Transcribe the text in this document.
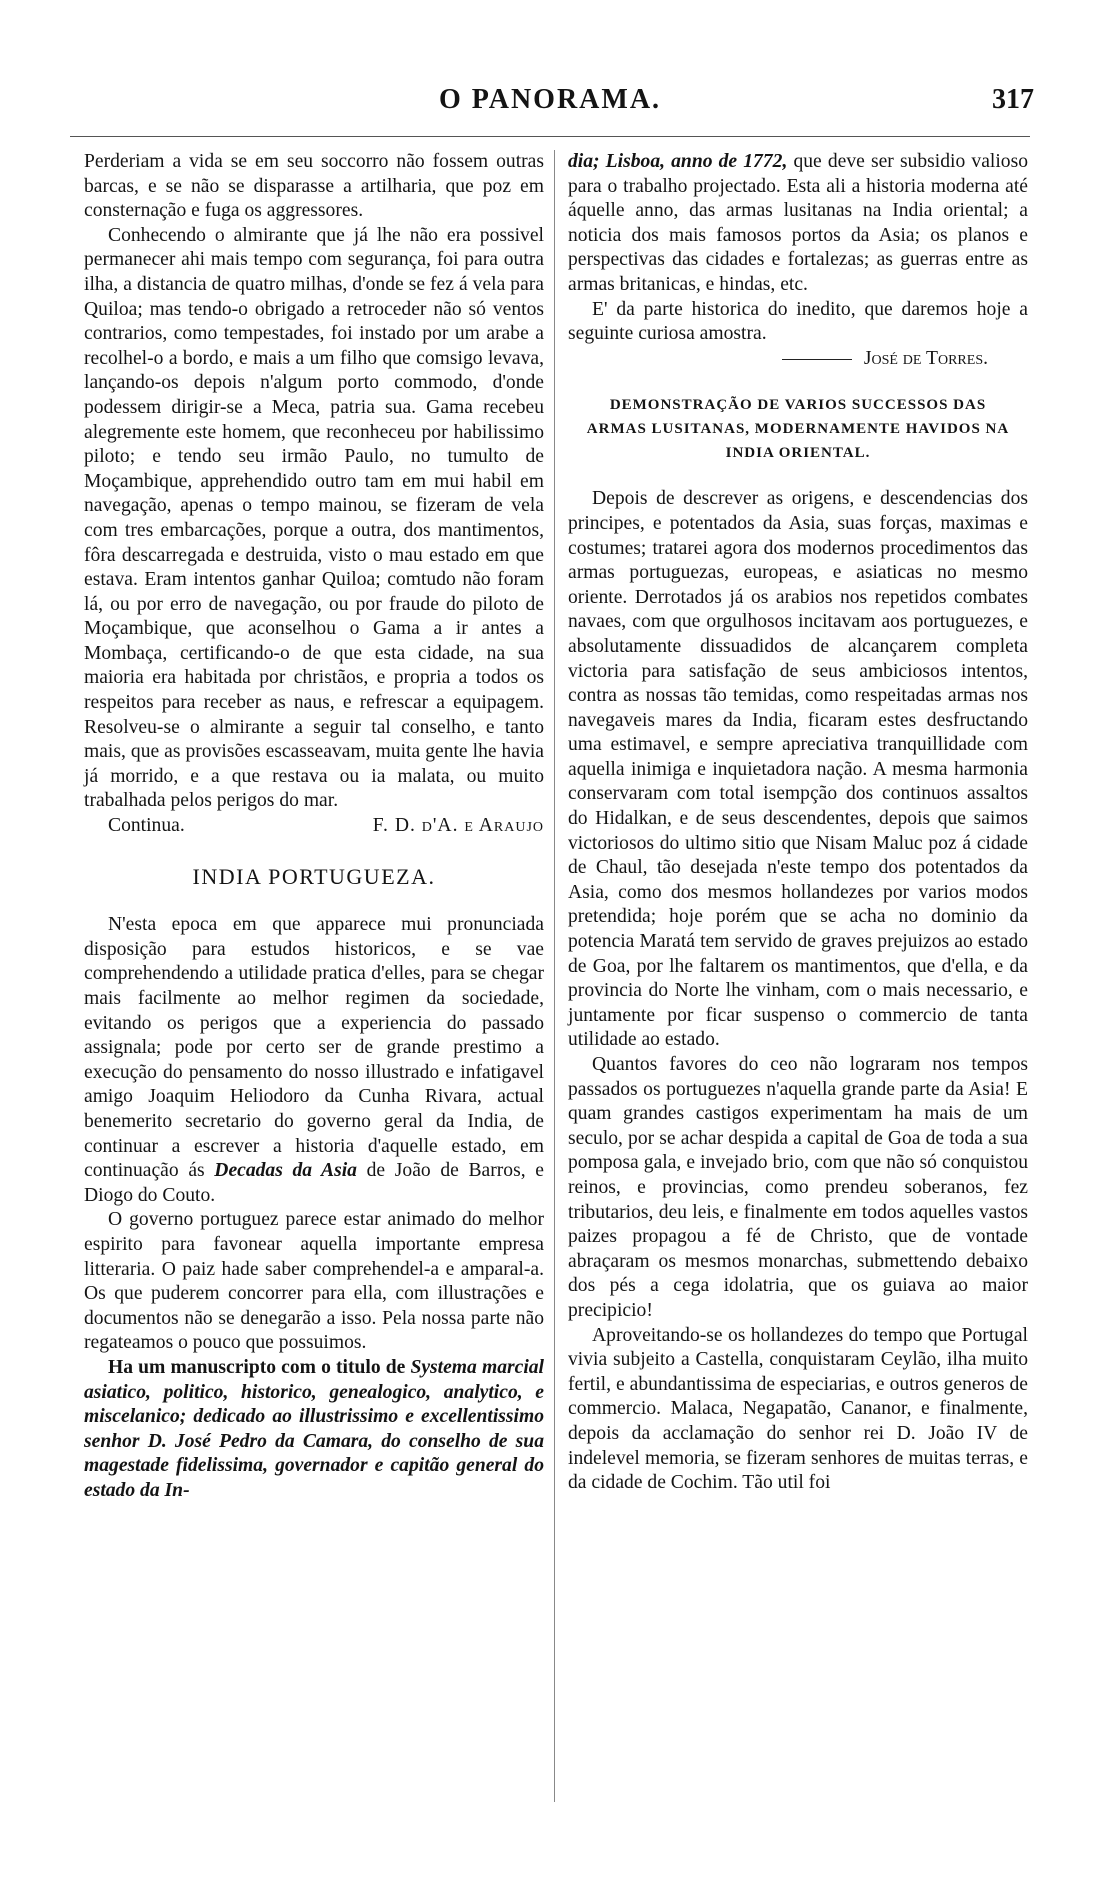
O PANORAMA.	317

Perderiam a vida se em seu soccorro não fossem outras barcas, e se não se disparasse a artilharia, que poz em consternação e fuga os aggressores.

Conhecendo o almirante que já lhe não era possivel permanecer ahi mais tempo com segurança, foi para outra ilha, a distancia de quatro milhas, d'onde se fez á vela para Quiloa; mas tendo-o obrigado a retroceder não só ventos contrarios, como tempestades, foi instado por um arabe a recolhel-o a bordo, e mais a um filho que comsigo levava, lançando-os depois n'algum porto commodo, d'onde podessem dirigir-se a Meca, patria sua. Gama recebeu alegremente este homem, que reconheceu por habilissimo piloto; e tendo seu irmão Paulo, no tumulto de Moçambique, apprehendido outro tam em mui habil em navegação, apenas o tempo mainou, se fizeram de vela com tres embarcações, porque a outra, dos mantimentos, fôra descarregada e destruida, visto o mau estado em que estava. Eram intentos ganhar Quiloa; comtudo não foram lá, ou por erro de navegação, ou por fraude do piloto de Moçambique, que aconselhou o Gama a ir antes a Mombaça, certificando-o de que esta cidade, na sua maioria era habitada por christãos, e propria a todos os respeitos para receber as naus, e refrescar a equipagem. Resolveu-se o almirante a seguir tal conselho, e tanto mais, que as provisões escasseavam, muita gente lhe havia já morrido, e a que restava ou ia malata, ou muito trabalhada pelos perigos do mar.

Continua.	F. D. d'A. e Araujo
INDIA PORTUGUEZA.

N'esta epoca em que apparece mui pronunciada disposição para estudos historicos, e se vae comprehendendo a utilidade pratica d'elles, para se chegar mais facilmente ao melhor regimen da sociedade, evitando os perigos que a experiencia do passado assignala; pode por certo ser de grande prestimo a execução do pensamento do nosso illustrado e infatigavel amigo Joaquim Heliodoro da Cunha Rivara, actual benemerito secretario do governo geral da India, de continuar a escrever a historia d'aquelle estado, em continuação ás Decadas da Asia de João de Barros, e Diogo do Couto.

O governo portuguez parece estar animado do melhor espirito para favonear aquella importante empresa litteraria. O paiz hade saber comprehendel-a e amparal-a. Os que puderem concorrer para ella, com illustrações e documentos não se denegarão a isso. Pela nossa parte não regateamos o pouco que possuimos.

Ha um manuscripto com o titulo de Systema marcial asiatico, politico, historico, genealogico, analytico, e miscelanico; dedicado ao illustrissimo e excellentissimo senhor D. José Pedro da Camara, do conselho de sua magestade fidelissima, governador e capitão general do estado da In-

dia; Lisboa, anno de 1772, que deve ser subsidio valioso para o trabalho projectado. Esta ali a historia moderna até áquelle anno, das armas lusitanas na India oriental; a noticia dos mais famosos portos da Asia; os planos e perspectivas das cidades e fortalezas; as guerras entre as armas britanicas, e hindas, etc.

E' da parte historica do inedito, que daremos hoje a seguinte curiosa amostra.

José de Torres.
DEMONSTRAÇÃO DE VARIOS SUCCESSOS DAS ARMAS LUSITANAS, MODERNAMENTE HAVIDOS NA INDIA ORIENTAL.

Depois de descrever as origens, e descendencias dos principes, e potentados da Asia, suas forças, maximas e costumes; tratarei agora dos modernos procedimentos das armas portuguezas, europeas, e asiaticas no mesmo oriente. Derrotados já os arabios nos repetidos combates navaes, com que orgulhosos incitavam aos portuguezes, e absolutamente dissuadidos de alcançarem completa victoria para satisfação de seus ambiciosos intentos, contra as nossas tão temidas, como respeitadas armas nos navegaveis mares da India, ficaram estes desfructando uma estimavel, e sempre apreciativa tranquillidade com aquella inimiga e inquietadora nação. A mesma harmonia conservaram com total isempção dos continuos assaltos do Hidalkan, e de seus descendentes, depois que saimos victoriosos do ultimo sitio que Nisam Maluc poz á cidade de Chaul, tão desejada n'este tempo dos potentados da Asia, como dos mesmos hollandezes por varios modos pretendida; hoje porém que se acha no dominio da potencia Maratá tem servido de graves prejuizos ao estado de Goa, por lhe faltarem os mantimentos, que d'ella, e da provincia do Norte lhe vinham, com o mais necessario, e juntamente por ficar suspenso o commercio de tanta utilidade ao estado.

Quantos favores do ceo não lograram nos tempos passados os portuguezes n'aquella grande parte da Asia! E quam grandes castigos experimentam ha mais de um seculo, por se achar despida a capital de Goa de toda a sua pomposa gala, e invejado brio, com que não só conquistou reinos, e provincias, como prendeu soberanos, fez tributarios, deu leis, e finalmente em todos aquelles vastos paizes propagou a fé de Christo, que de vontade abraçaram os mesmos monarchas, submettendo debaixo dos pés a cega idolatria, que os guiava ao maior precipicio!

Aproveitando-se os hollandezes do tempo que Portugal vivia subjeito a Castella, conquistaram Ceylão, ilha muito fertil, e abundantissima de especiarias, e outros generos de commercio. Malaca, Negapatão, Cananor, e finalmente, depois da acclamação do senhor rei D. João IV de indelevel memoria, se fizeram senhores de muitas terras, e da cidade de Cochim. Tão util foi
